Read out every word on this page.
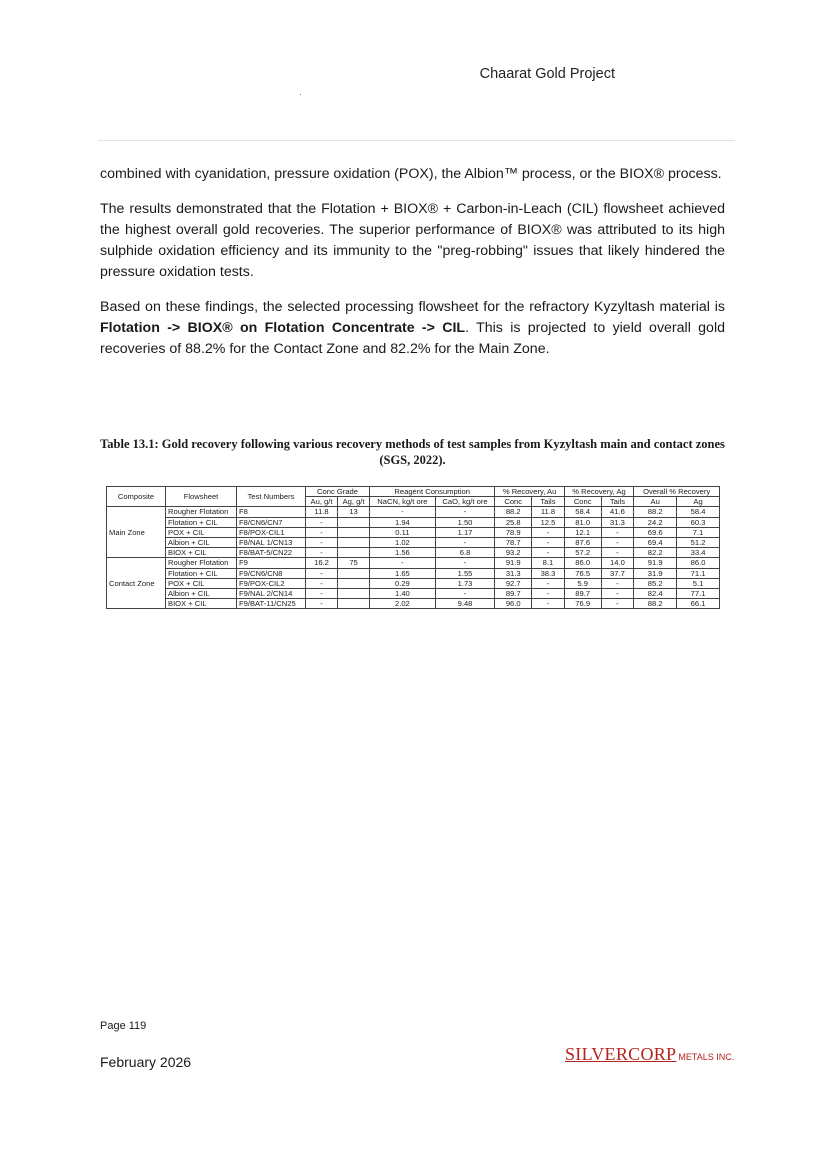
Chaarat Gold Project

combined with cyanidation, pressure oxidation (POX), the Albion™ process, or the BIOX® process.

The results demonstrated that the Flotation + BIOX® + Carbon-in-Leach (CIL) flowsheet achieved the highest overall gold recoveries. The superior performance of BIOX® was attributed to its high sulphide oxidation efficiency and its immunity to the "preg-robbing" issues that likely hindered the pressure oxidation tests.

Based on these findings, the selected processing flowsheet for the refractory Kyzyltash material is Flotation -> BIOX® on Flotation Concentrate -> CIL. This is projected to yield overall gold recoveries of 88.2% for the Contact Zone and 82.2% for the Main Zone.

Table 13.1: Gold recovery following various recovery methods of test samples from Kyzyltash main and contact zones (SGS, 2022).
Composite	Flowsheet	Test Numbers	Conc Grade		Reagent Consumption		% Recovery, Au		% Recovery, Ag		Overall % Recovery	
			Au, g/t	Ag, g/t	NaCN, kg/t ore	CaO, kg/t ore	Conc	Tails	Conc	Tails	Au	Ag
Main Zone	Rougher Flotation	F8	11.8	13	-	-	88.2	11.8	58.4	41.6	88.2	58.4
	Flotation + CIL	F8/CN6/CN7	-		1.94	1.50	25.8	12.5	81.0	31.3	24.2	60.3
	POX + CIL	F8/POX-CIL1	-		0.11	1.17	78.9	-	12.1	-	69.6	7.1
	Albion + CIL	F8/NAL 1/CN13	-		1.02	-	78.7	-	87.6	-	69.4	51.2
	BIOX + CIL	F8/BAT-5/CN22	-		1.56	6.8	93.2	-	57.2	-	82.2	33.4
Contact Zone	Rougher Flotation	F9	16.2	75	-	-	91.9	8.1	86.0	14.0	91.9	86.0
	Flotation + CIL	F9/CN6/CN8	-		1.65	1.55	31.3	38.3	76.5	37.7	31.9	71.1
	POX + CIL	F9/POX-CIL2	-		0.29	1.73	92.7	-	5.9	-	85.2	5.1
	Albion + CIL	F9/NAL 2/CN14	-		1.40	-	89.7	-	89.7	-	82.4	77.1
	BIOX + CIL	F9/BAT-11/CN25	-		2.02	9.48	96.0	-	76.9	-	88.2	66.1
Page 119
February 2026	SILVERCORP METALS INC.
